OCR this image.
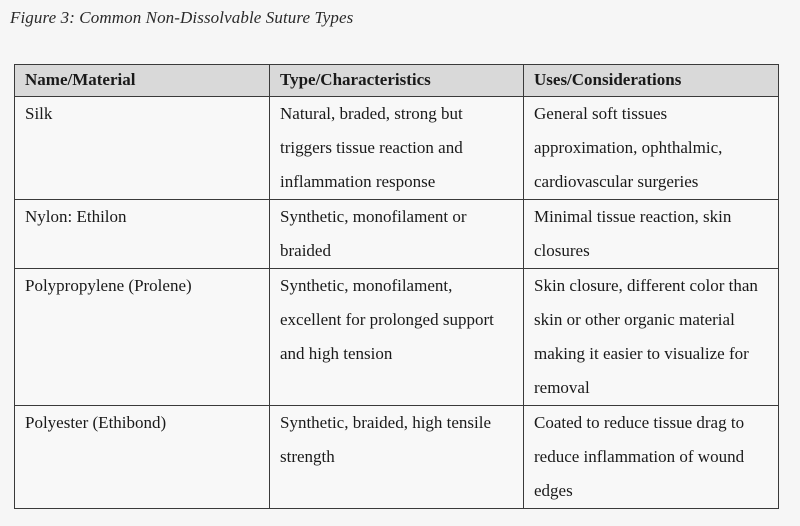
Figure 3: Common Non-Dissolvable Suture Types
Name/Material	Type/Characteristics	Uses/Considerations

Silk	Natural, braded, strong but triggers tissue reaction and inflammation response	General soft tissues approximation, ophthalmic, cardiovascular surgeries

Nylon: Ethilon	Synthetic, monofilament or braided	Minimal tissue reaction, skin closures

Polypropylene (Prolene)	Synthetic, monofilament, excellent for prolonged support and high tension	Skin closure, different color than skin or other organic material making it easier to visualize for removal

Polyester (Ethibond)	Synthetic, braided, high tensile strength	Coated to reduce tissue drag to reduce inflammation of wound edges
